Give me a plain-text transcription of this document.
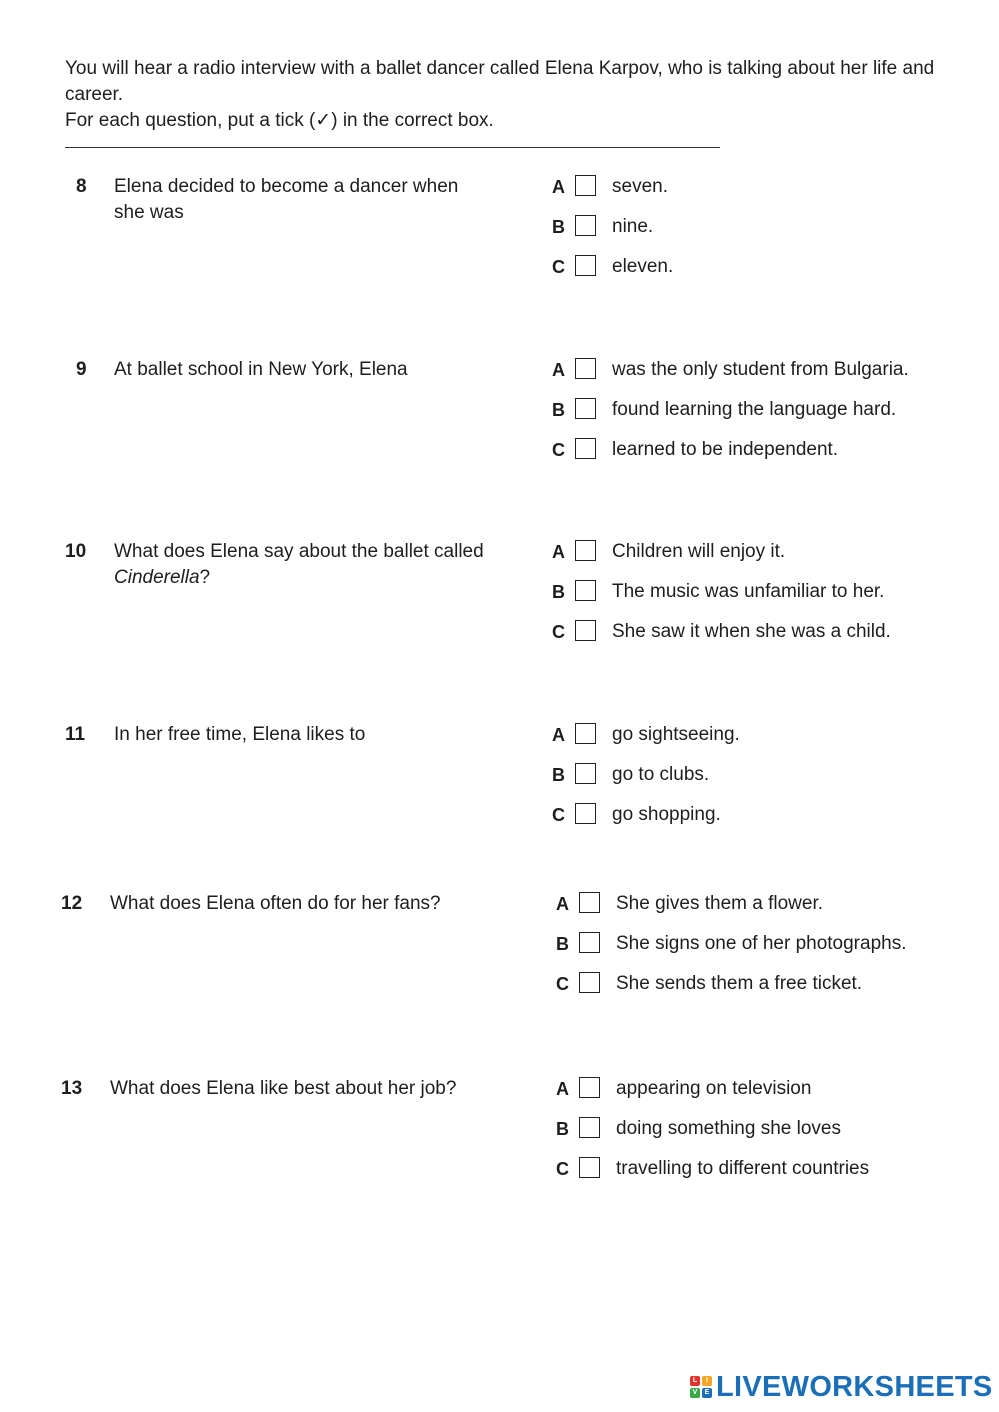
You will hear a radio interview with a ballet dancer called Elena Karpov, who is talking about her life and career.

For each question, put a tick (✓) in the correct box.

8 Elena decided to become a dancer when she was
A seven.
B nine.
C eleven.
9 At ballet school in New York, Elena	A was the only student from Bulgaria.
B found learning the language hard.
C learned to be independent.
10 What does Elena say about the ballet called Cinderella?
A Children will enjoy it.
B The music was unfamiliar to her.
C She saw it when she was a child.
11 In her free time, Elena likes to	A go sightseeing.
B go to clubs.
C go shopping.
12 What does Elena often do for her fans?	A She gives them a flower.
B She signs one of her photographs.
C She sends them a free ticket.
13 What does Elena like best about her job?	A appearing on television
B doing something she loves
C travelling to different countries
L	I
V	E LIVEWORKSHEETS
